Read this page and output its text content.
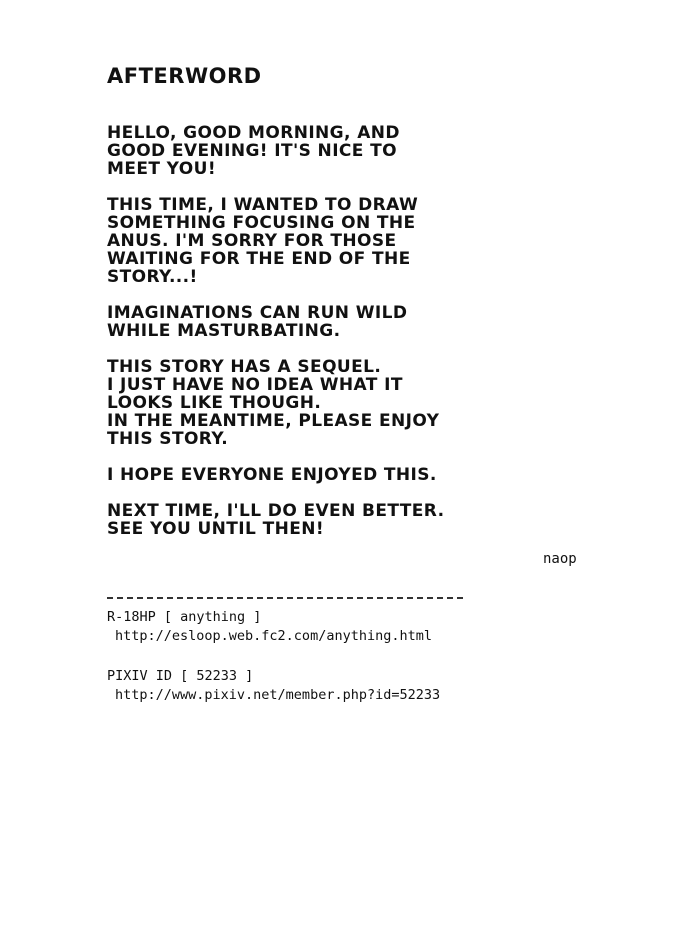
AFTERWORD

HELLO, GOOD MORNING, AND
GOOD EVENING! IT'S NICE TO
MEET YOU!

THIS TIME, I WANTED TO DRAW
SOMETHING FOCUSING ON THE
ANUS. I'M SORRY FOR THOSE
WAITING FOR THE END OF THE
STORY...!

IMAGINATIONS CAN RUN WILD
WHILE MASTURBATING.

THIS STORY HAS A SEQUEL.
I JUST HAVE NO IDEA WHAT IT
LOOKS LIKE THOUGH.
IN THE MEANTIME, PLEASE ENJOY
THIS STORY.

I HOPE EVERYONE ENJOYED THIS.

NEXT TIME, I'LL DO EVEN BETTER.
SEE YOU UNTIL THEN!

naop
R-18HP [ anything ]
http://esloop.web.fc2.com/anything.html
PIXIV ID [ 52233 ]
http://www.pixiv.net/member.php?id=52233
